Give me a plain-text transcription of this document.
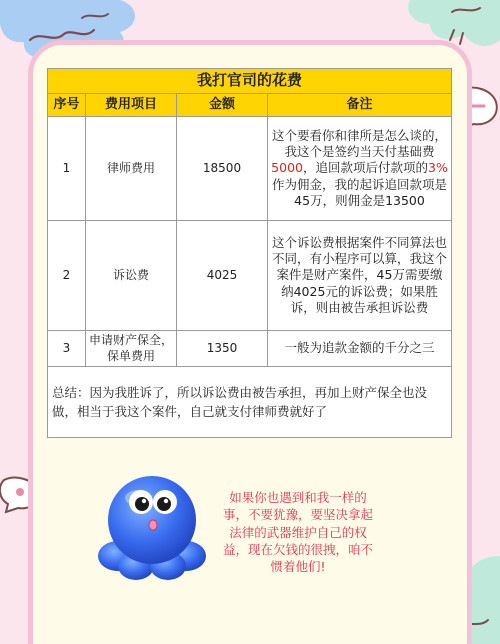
我打官司的花费			
序号	费用项目	金额	备注
1	律师费用	18500	这个要看你和律所是怎么谈的，我这个是签约当天付基础费5000，追回款项后付款项的3%作为佣金，我的起诉追回款项是45万，则佣金是13500
2	诉讼费	4025	这个诉讼费根据案件不同算法也不同，有小程序可以算，我这个案件是财产案件，45万需要缴纳4025元的诉讼费；如果胜诉，则由被告承担诉讼费
3	申请财产保全，保单费用	1350	一般为追款金额的千分之三
总结：因为我胜诉了，所以诉讼费由被告承担，再加上财产保全也没做，相当于我这个案件，自己就支付律师费就好了			
如果你也遇到和我一样的事，不要犹豫，要坚决拿起法律的武器维护自己的权益，现在欠钱的很拽，咱不惯着他们!
